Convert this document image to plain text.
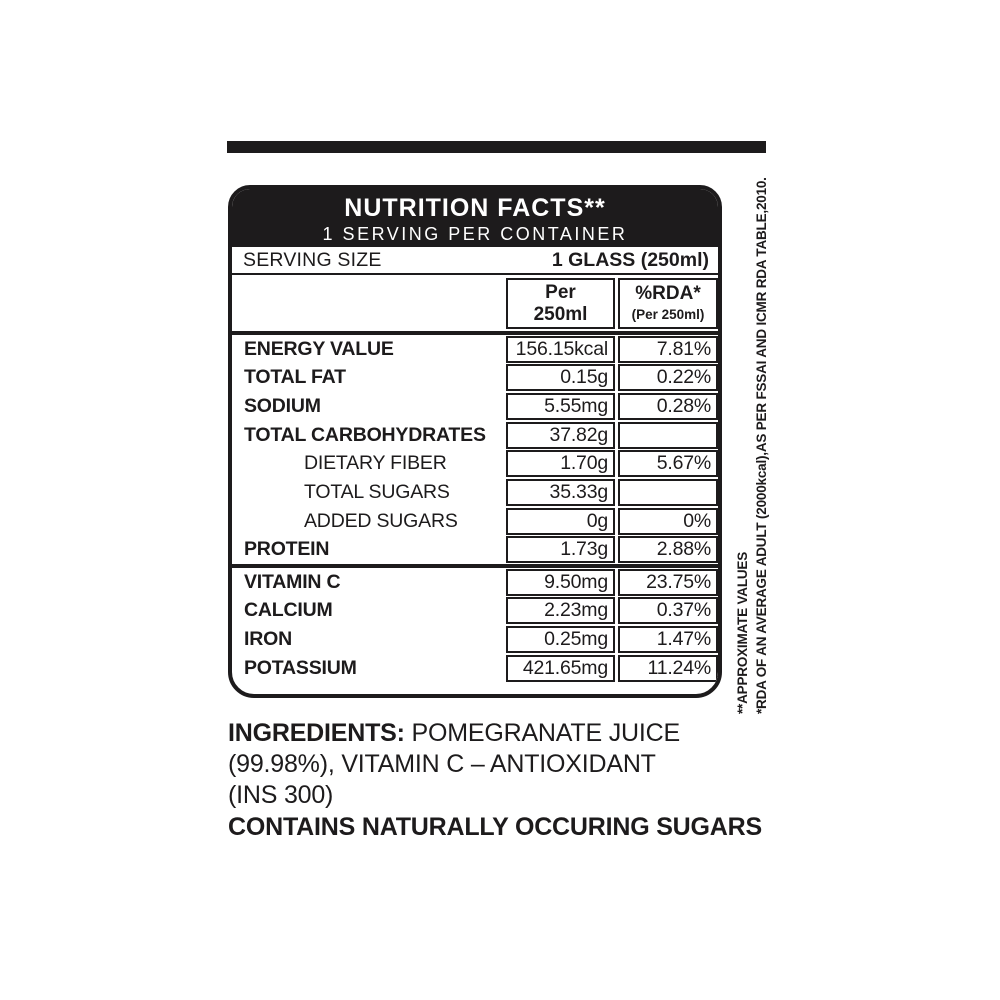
NUTRITION FACTS**
1 SERVING PER CONTAINER
SERVING SIZE	1 GLASS (250ml)
Per
250ml
%RDA*
(Per 250ml)
ENERGY VALUE	156.15kcal	7.81%
TOTAL FAT	0.15g	0.22%
SODIUM	5.55mg	0.28%
TOTAL CARBOHYDRATES	37.82g
DIETARY FIBER	1.70g	5.67%
TOTAL SUGARS	35.33g
ADDED SUGARS	0g	0%
PROTEIN	1.73g	2.88%
VITAMIN C	9.50mg	23.75%
CALCIUM	2.23mg	0.37%
IRON	0.25mg	1.47%
POTASSIUM	421.65mg	11.24%	**APPROXIMATE VALUES *RDA OF AN AVERAGE ADULT (2000kcal),AS PER FSSAI AND ICMR RDA TABLE,2010.
INGREDIENTS: POMEGRANATE JUICE (99.98%), VITAMIN C – ANTIOXIDANT (INS 300)
CONTAINS NATURALLY OCCURING SUGARS
